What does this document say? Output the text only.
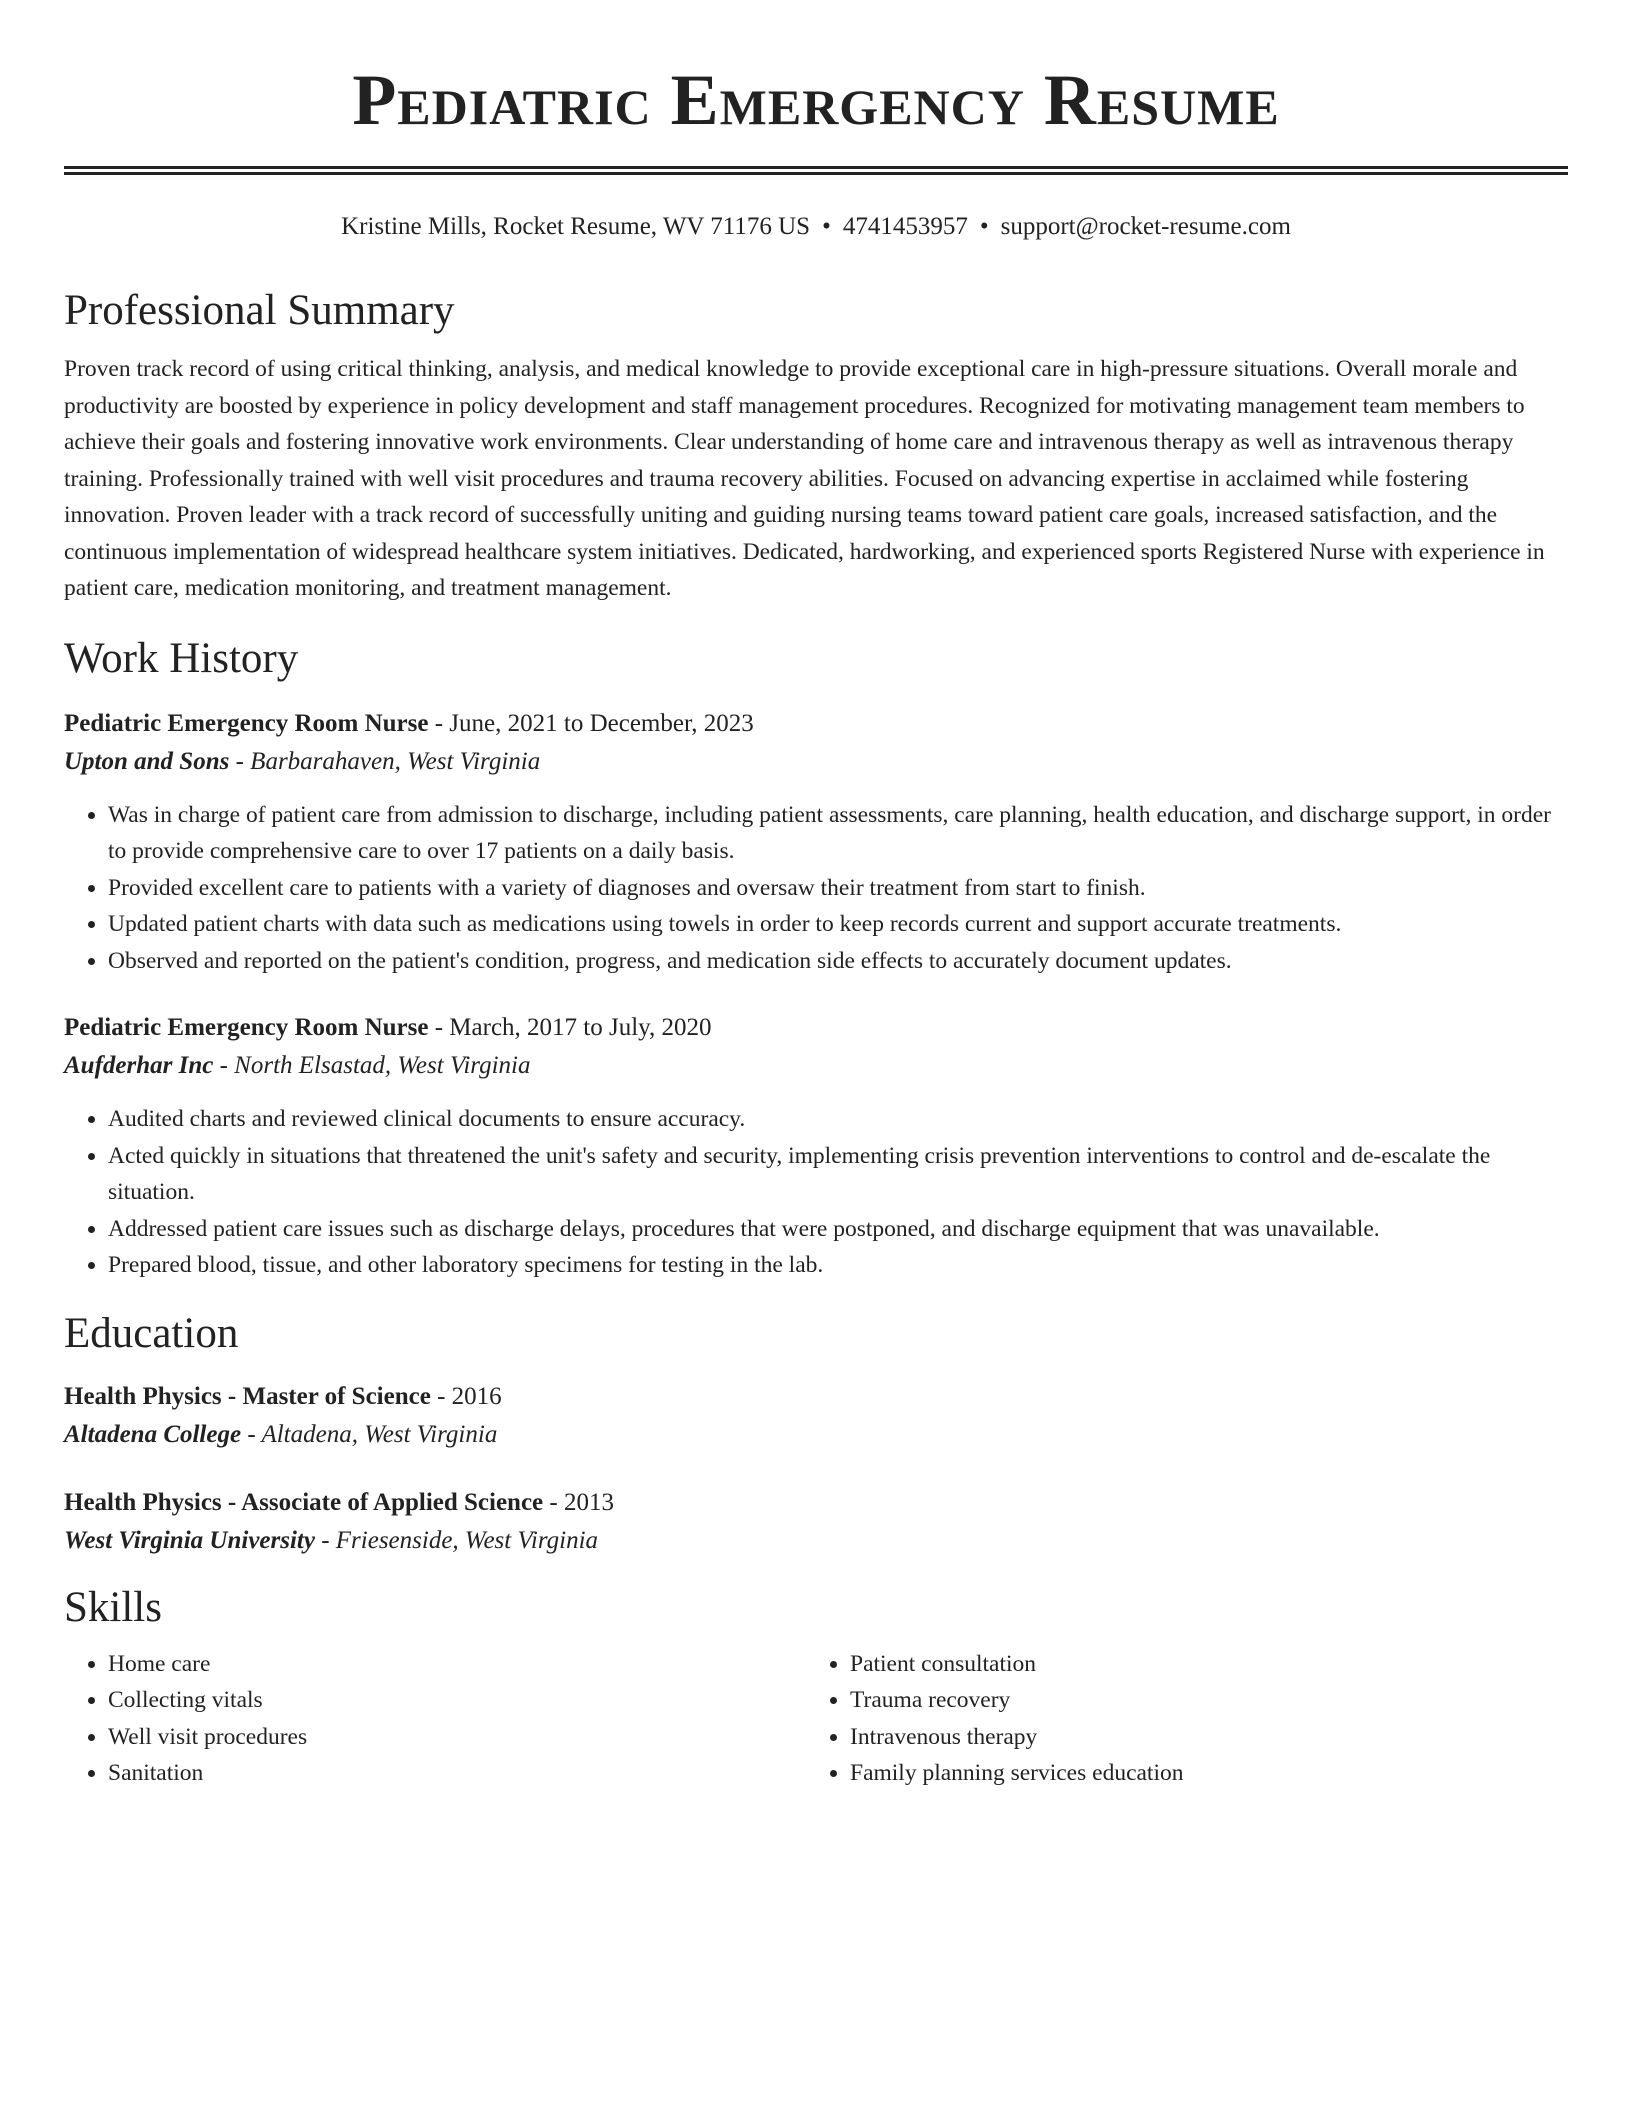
Pediatric Emergency Resume
Kristine Mills, Rocket Resume, WV 71176 US • 4741453957 • support@rocket-resume.com
Professional Summary

Proven track record of using critical thinking, analysis, and medical knowledge to provide exceptional care in high-pressure situations. Overall morale and productivity are boosted by experience in policy development and staff management procedures. Recognized for motivating management team members to achieve their goals and fostering innovative work environments. Clear understanding of home care and intravenous therapy as well as intravenous therapy training. Professionally trained with well visit procedures and trauma recovery abilities. Focused on advancing expertise in acclaimed while fostering innovation. Proven leader with a track record of successfully uniting and guiding nursing teams toward patient care goals, increased satisfaction, and the continuous implementation of widespread healthcare system initiatives. Dedicated, hardworking, and experienced sports Registered Nurse with experience in patient care, medication monitoring, and treatment management.

Work History
Pediatric Emergency Room Nurse - June, 2021 to December, 2023
Upton and Sons - Barbarahaven, West Virginia
• Was in charge of patient care from admission to discharge, including patient assessments, care planning, health education, and discharge support, in order to provide comprehensive care to over 17 patients on a daily basis.
• Provided excellent care to patients with a variety of diagnoses and oversaw their treatment from start to finish.
• Updated patient charts with data such as medications using towels in order to keep records current and support accurate treatments.
• Observed and reported on the patient's condition, progress, and medication side effects to accurately document updates.
Pediatric Emergency Room Nurse - March, 2017 to July, 2020
Aufderhar Inc - North Elsastad, West Virginia
• Audited charts and reviewed clinical documents to ensure accuracy.
• Acted quickly in situations that threatened the unit's safety and security, implementing crisis prevention interventions to control and de-escalate the situation.
• Addressed patient care issues such as discharge delays, procedures that were postponed, and discharge equipment that was unavailable.
• Prepared blood, tissue, and other laboratory specimens for testing in the lab.
Education
Health Physics - Master of Science - 2016
Altadena College - Altadena, West Virginia
Health Physics - Associate of Applied Science - 2013
West Virginia University - Friesenside, West Virginia
Skills
• Home care
• Collecting vitals
• Well visit procedures
• Sanitation
• Patient consultation
• Trauma recovery
• Intravenous therapy
• Family planning services education
